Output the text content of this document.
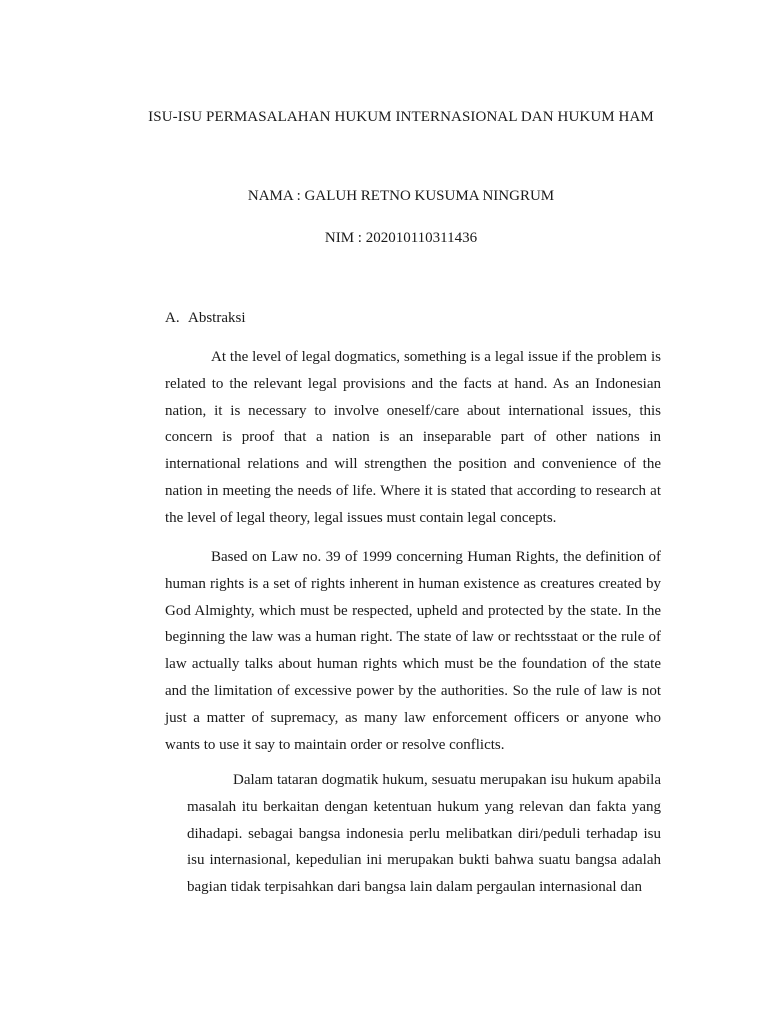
ISU-ISU PERMASALAHAN HUKUM INTERNASIONAL DAN HUKUM HAM
NAMA : GALUH RETNO KUSUMA NINGRUM
NIM : 202010110311436
A. Abstraksi

At the level of legal dogmatics, something is a legal issue if the problem is related to the relevant legal provisions and the facts at hand. As an Indonesian nation, it is necessary to involve oneself/care about international issues, this concern is proof that a nation is an inseparable part of other nations in international relations and will strengthen the position and convenience of the nation in meeting the needs of life. Where it is stated that according to research at the level of legal theory, legal issues must contain legal concepts.

Based on Law no. 39 of 1999 concerning Human Rights, the definition of human rights is a set of rights inherent in human existence as creatures created by God Almighty, which must be respected, upheld and protected by the state. In the beginning the law was a human right. The state of law or rechtsstaat or the rule of law actually talks about human rights which must be the foundation of the state and the limitation of excessive power by the authorities. So the rule of law is not just a matter of supremacy, as many law enforcement officers or anyone who wants to use it say to maintain order or resolve conflicts.

Dalam tataran dogmatik hukum, sesuatu merupakan isu hukum apabila masalah itu berkaitan dengan ketentuan hukum yang relevan dan fakta yang dihadapi. sebagai bangsa indonesia perlu melibatkan diri/peduli terhadap isu isu internasional, kepedulian ini merupakan bukti bahwa suatu bangsa adalah bagian tidak terpisahkan dari bangsa lain dalam pergaulan internasional dan
